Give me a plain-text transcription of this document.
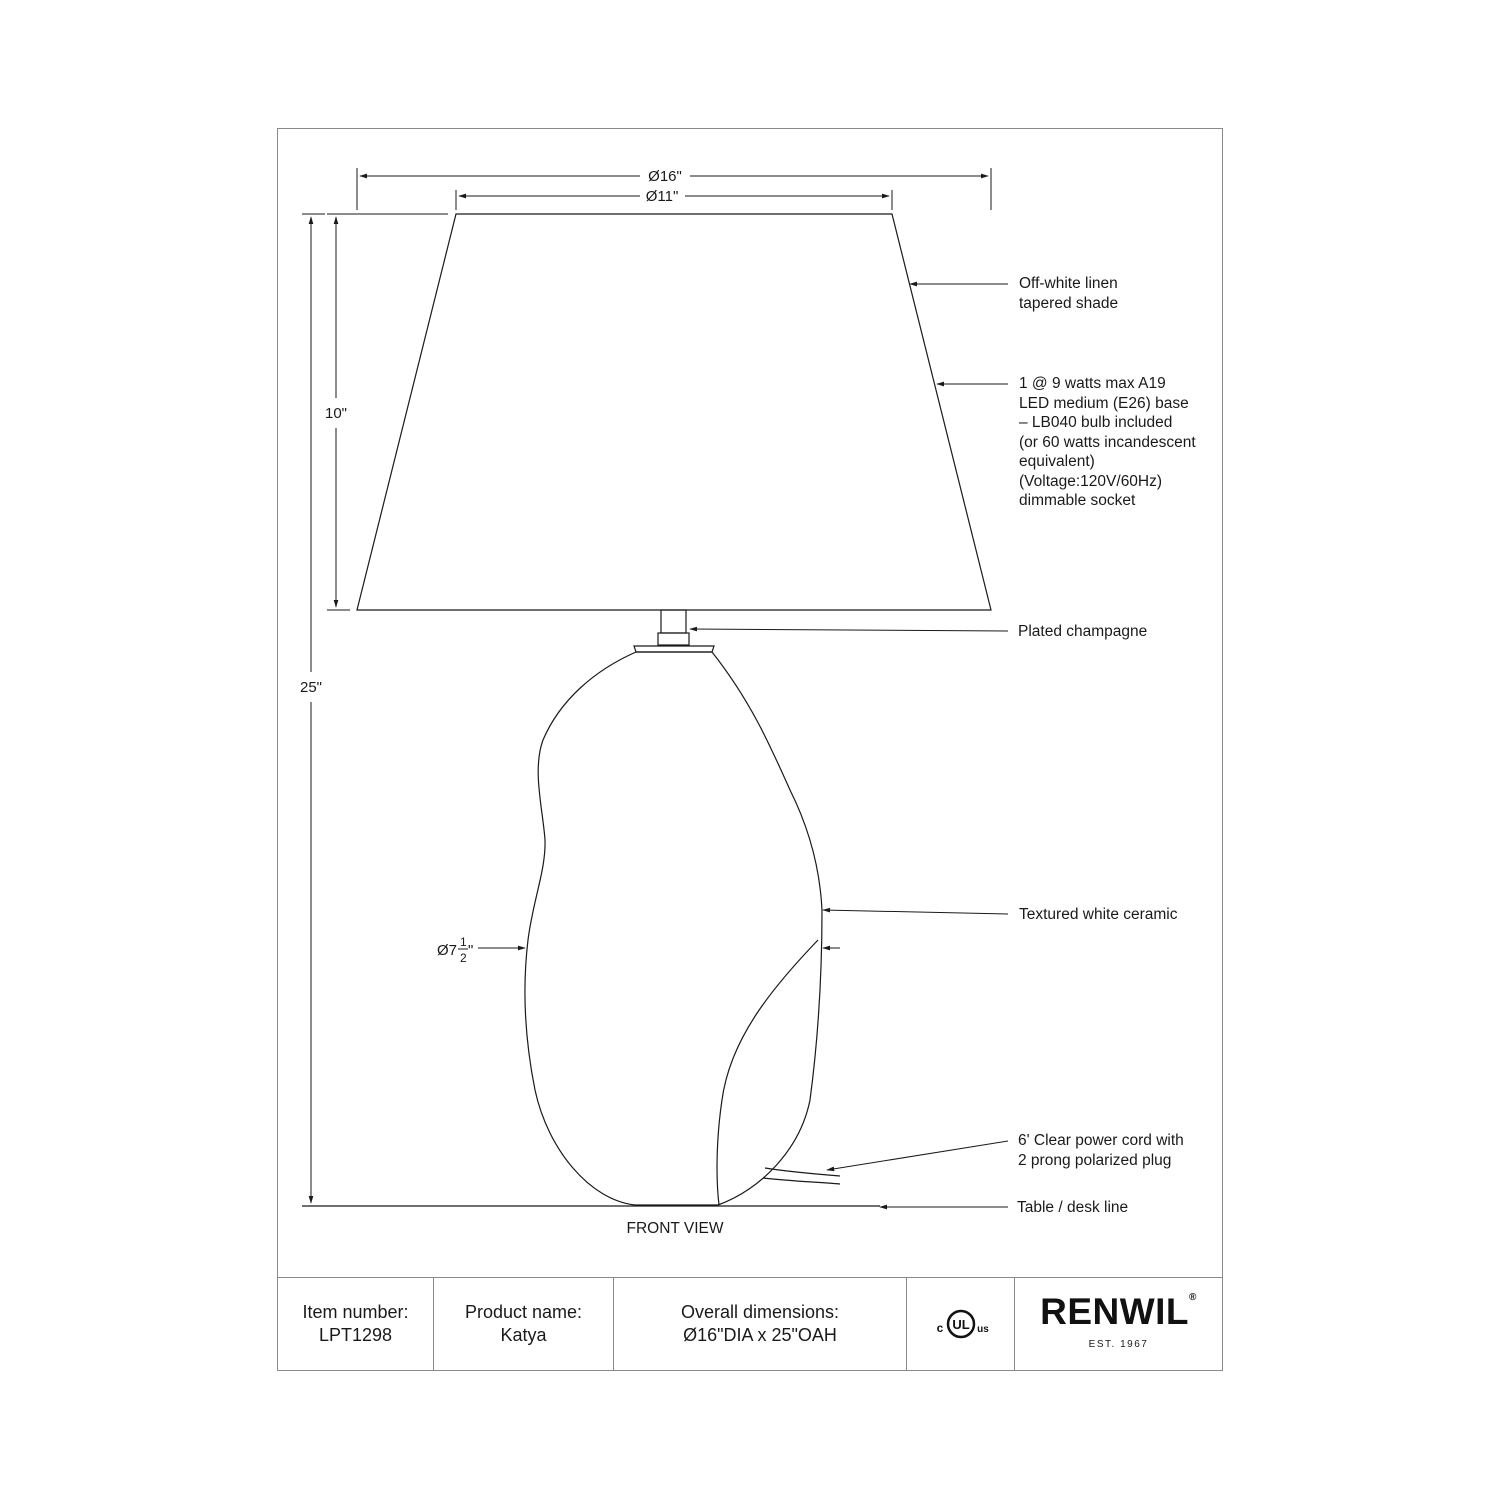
Ø16"
Ø11"
10"
25"
Ø7 1
2 "
Off-white linen
tapered shade
1 @ 9 watts max A19
LED medium (E26) base
– LB040 bulb included
(or 60 watts incandescent
equivalent)
(Voltage:120V/60Hz)
dimmable socket
Plated champagne
Textured white ceramic
6' Clear power cord with
2 prong polarized plug
Table / desk line
FRONT VIEW
Item number:
LPT1298
Product name:
Katya
Overall dimensions:
Ø16"DIA x 25"OAH
UL
c	us RENWIL®
EST. 1967
